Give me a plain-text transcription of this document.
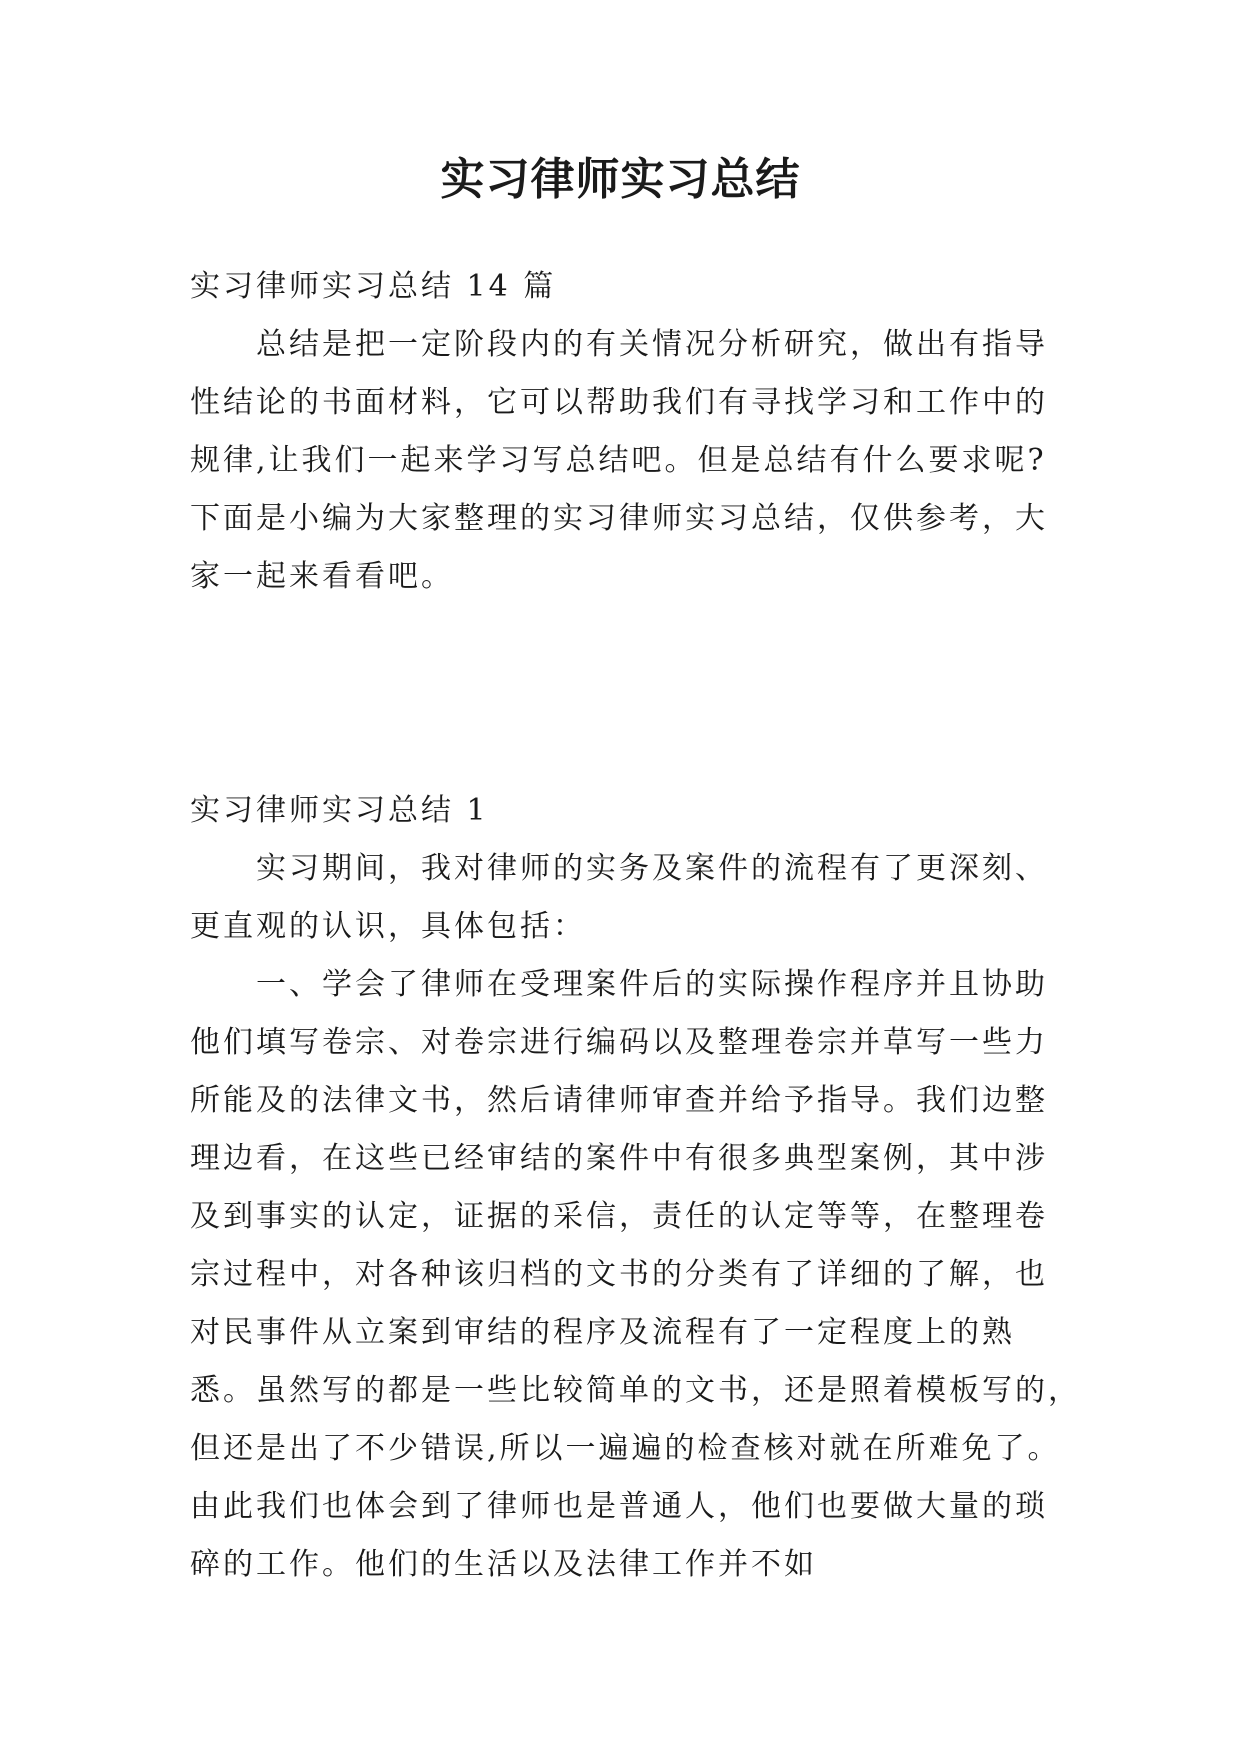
实习律师实习总结
实习律师实习总结 14 篇
总结是把一定阶段内的有关情况分析研究，做出有指导
性结论的书面材料，它可以帮助我们有寻找学习和工作中的
规律,让我们一起来学习写总结吧。但是总结有什么要求呢?
下面是小编为大家整理的实习律师实习总结，仅供参考，大
家一起来看看吧。
实习律师实习总结 1
实习期间，我对律师的实务及案件的流程有了更深刻、
更直观的认识，具体包括：
一、学会了律师在受理案件后的实际操作程序并且协助
他们填写卷宗、对卷宗进行编码以及整理卷宗并草写一些力
所能及的法律文书，然后请律师审查并给予指导。我们边整
理边看，在这些已经审结的案件中有很多典型案例，其中涉
及到事实的认定，证据的采信，责任的认定等等，在整理卷
宗过程中，对各种该归档的文书的分类有了详细的了解，也
对民事件从立案到审结的程序及流程有了一定程度上的熟
悉。虽然写的都是一些比较简单的文书，还是照着模板写的，
但还是出了不少错误,所以一遍遍的检查核对就在所难免了。
由此我们也体会到了律师也是普通人，他们也要做大量的琐
碎的工作。他们的生活以及法律工作并不如
